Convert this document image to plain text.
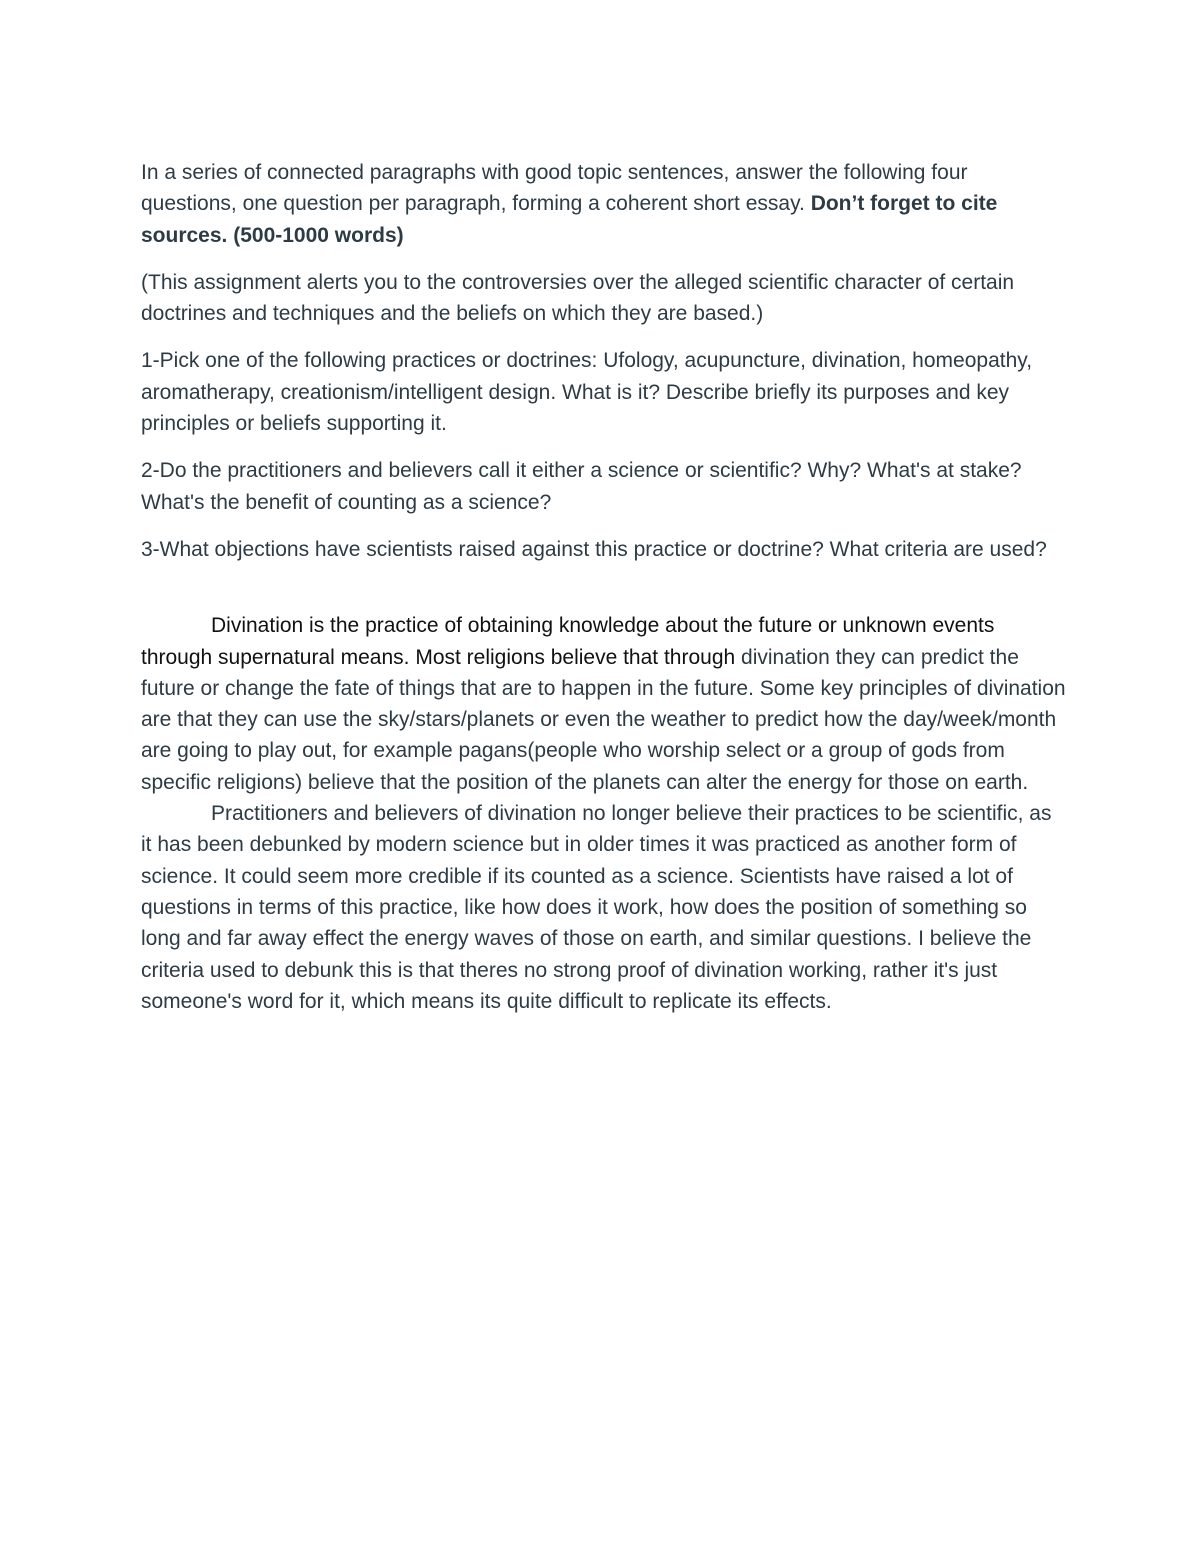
In a series of connected paragraphs with good topic sentences, answer the following four questions, one question per paragraph, forming a coherent short essay. Don’t forget to cite sources. (500-1000 words)

(This assignment alerts you to the controversies over the alleged scientific character of certain doctrines and techniques and the beliefs on which they are based.)

1-Pick one of the following practices or doctrines: Ufology, acupuncture, divination, homeopathy, aromatherapy, creationism/intelligent design. What is it? Describe briefly its purposes and key principles or beliefs supporting it.

2-Do the practitioners and believers call it either a science or scientific? Why? What's at stake? What's the benefit of counting as a science?

3-What objections have scientists raised against this practice or doctrine? What criteria are used?

Divination is the practice of obtaining knowledge about the future or unknown events through supernatural means. Most religions believe that through divination they can predict the future or change the fate of things that are to happen in the future. Some key principles of divination are that they can use the sky/stars/planets or even the weather to predict how the day/week/month are going to play out, for example pagans(people who worship select or a group of gods from specific religions) believe that the position of the planets can alter the energy for those on earth.

Practitioners and believers of divination no longer believe their practices to be scientific, as it has been debunked by modern science but in older times it was practiced as another form of science. It could seem more credible if its counted as a science. Scientists have raised a lot of questions in terms of this practice, like how does it work, how does the position of something so long and far away effect the energy waves of those on earth, and similar questions. I believe the criteria used to debunk this is that theres no strong proof of divination working, rather it's just someone's word for it, which means its quite difficult to replicate its effects.
